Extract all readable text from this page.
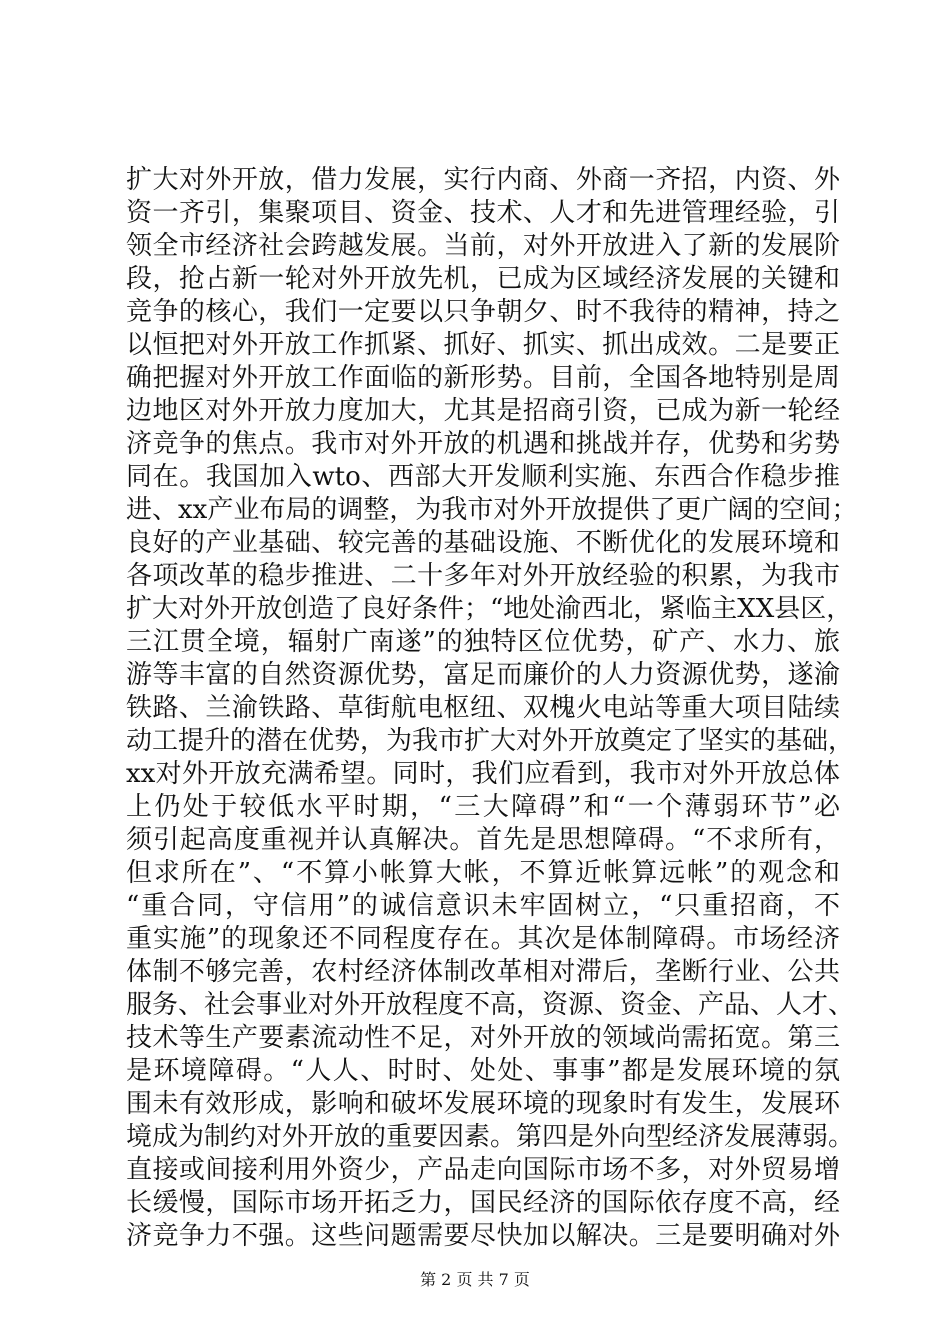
扩大对外开放，借力发展，实行内商、外商一齐招，内资、外
资一齐引，集聚项目、资金、技术、人才和先进管理经验，引
领全市经济社会跨越发展。当前，对外开放进入了新的发展阶
段，抢占新一轮对外开放先机，已成为区域经济发展的关键和
竞争的核心，我们一定要以只争朝夕、时不我待的精神，持之
以恒把对外开放工作抓紧、抓好、抓实、抓出成效。二是要正
确把握对外开放工作面临的新形势。目前，全国各地特别是周
边地区对外开放力度加大，尤其是招商引资，已成为新一轮经
济竞争的焦点。我市对外开放的机遇和挑战并存，优势和劣势
同在。我国加入wto、西部大开发顺利实施、东西合作稳步推
进、xx产业布局的调整，为我市对外开放提供了更广阔的空间；
良好的产业基础、较完善的基础设施、不断优化的发展环境和
各项改革的稳步推进、二十多年对外开放经验的积累，为我市
扩大对外开放创造了良好条件；“地处渝西北，紧临主XX县区，
三江贯全境，辐射广南遂”的独特区位优势，矿产、水力、旅
游等丰富的自然资源优势，富足而廉价的人力资源优势，遂渝
铁路、兰渝铁路、草街航电枢纽、双槐火电站等重大项目陆续
动工提升的潜在优势，为我市扩大对外开放奠定了坚实的基础，
xx对外开放充满希望。同时，我们应看到，我市对外开放总体
上仍处于较低水平时期，“三大障碍”和“一个薄弱环节”必
须引起高度重视并认真解决。首先是思想障碍。“不求所有，
但求所在”、“不算小帐算大帐，不算近帐算远帐”的观念和
“重合同，守信用”的诚信意识未牢固树立，“只重招商，不
重实施”的现象还不同程度存在。其次是体制障碍。市场经济
体制不够完善，农村经济体制改革相对滞后，垄断行业、公共
服务、社会事业对外开放程度不高，资源、资金、产品、人才、
技术等生产要素流动性不足，对外开放的领域尚需拓宽。第三
是环境障碍。“人人、时时、处处、事事”都是发展环境的氛
围未有效形成，影响和破坏发展环境的现象时有发生，发展环
境成为制约对外开放的重要因素。第四是外向型经济发展薄弱。
直接或间接利用外资少，产品走向国际市场不多，对外贸易增
长缓慢，国际市场开拓乏力，国民经济的国际依存度不高，经
济竞争力不强。这些问题需要尽快加以解决。三是要明确对外
第 2 页 共 7 页
